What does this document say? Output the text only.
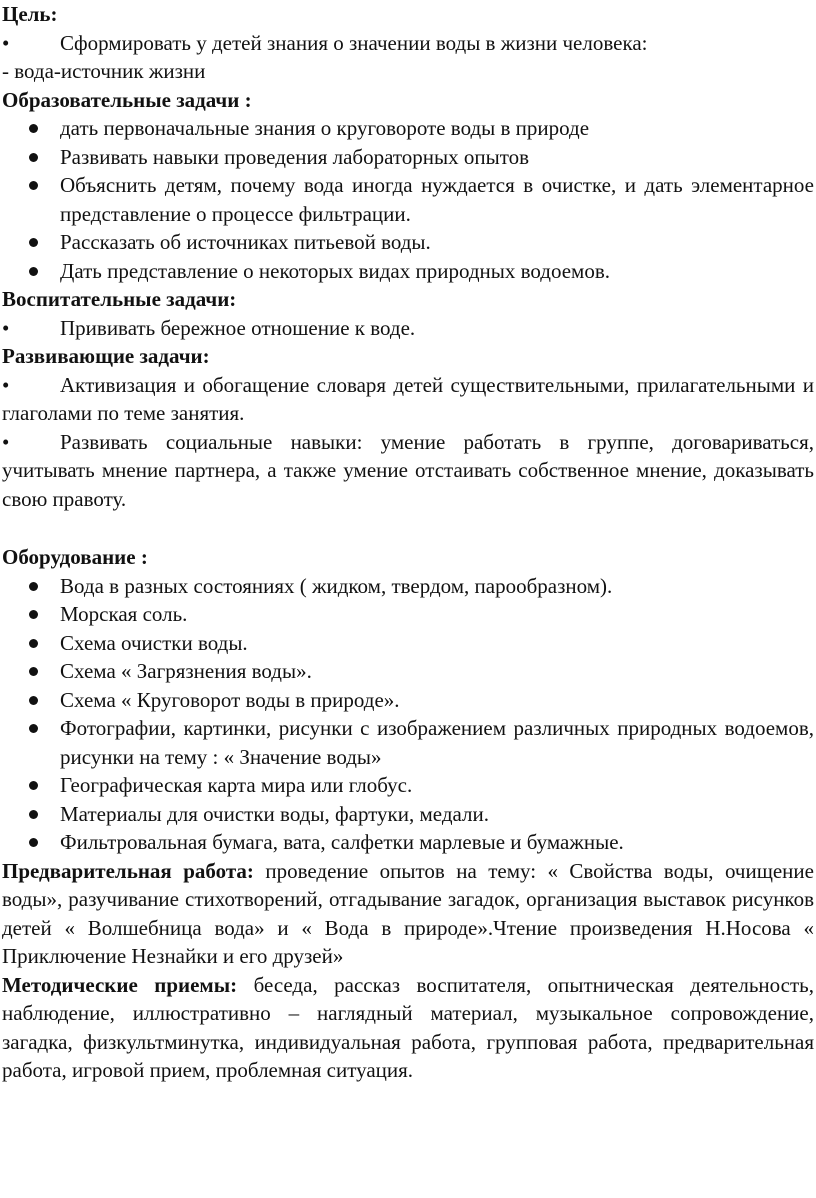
Цель:

• Сформировать у детей знания о значении воды в жизни человека:

- вода-источник жизни

Образовательные задачи :

дать первоначальные знания о круговороте воды в природе
Развивать навыки проведения лабораторных опытов
Объяснить детям, почему вода иногда нуждается в очистке, и дать элементарное представление о процессе фильтрации.
Рассказать об источниках питьевой воды.
Дать представление о некоторых видах природных водоемов.

Воспитательные задачи:

• Прививать бережное отношение к воде.

Развивающие задачи:

• Активизация и обогащение словаря детей существительными, прилагательными и глаголами по теме занятия.

• Развивать социальные навыки: умение работать в группе, договариваться, учитывать мнение партнера, а также умение отстаивать собственное мнение, доказывать свою правоту.

Оборудование :

Вода в разных состояниях ( жидком, твердом, парообразном).
Морская соль.
Схема очистки воды.
Схема « Загрязнения воды».
Схема « Круговорот воды в природе».
Фотографии, картинки, рисунки с изображением различных природных водоемов, рисунки на тему : « Значение воды»
Географическая карта мира или глобус.
Материалы для очистки воды, фартуки, медали.
Фильтровальная бумага, вата, салфетки марлевые и бумажные.

Предварительная работа: проведение опытов на тему: « Свойства воды, очищение воды», разучивание стихотворений, отгадывание загадок, организация выставок рисунков детей « Волшебница вода» и « Вода в природе».Чтение произведения Н.Носова « Приключение Незнайки и его друзей»

Методические приемы: беседа, рассказ воспитателя, опытническая деятельность, наблюдение, иллюстративно – наглядный материал, музыкальное сопровождение, загадка, физкультминутка, индивидуальная работа, групповая работа, предварительная работа, игровой прием, проблемная ситуация.
